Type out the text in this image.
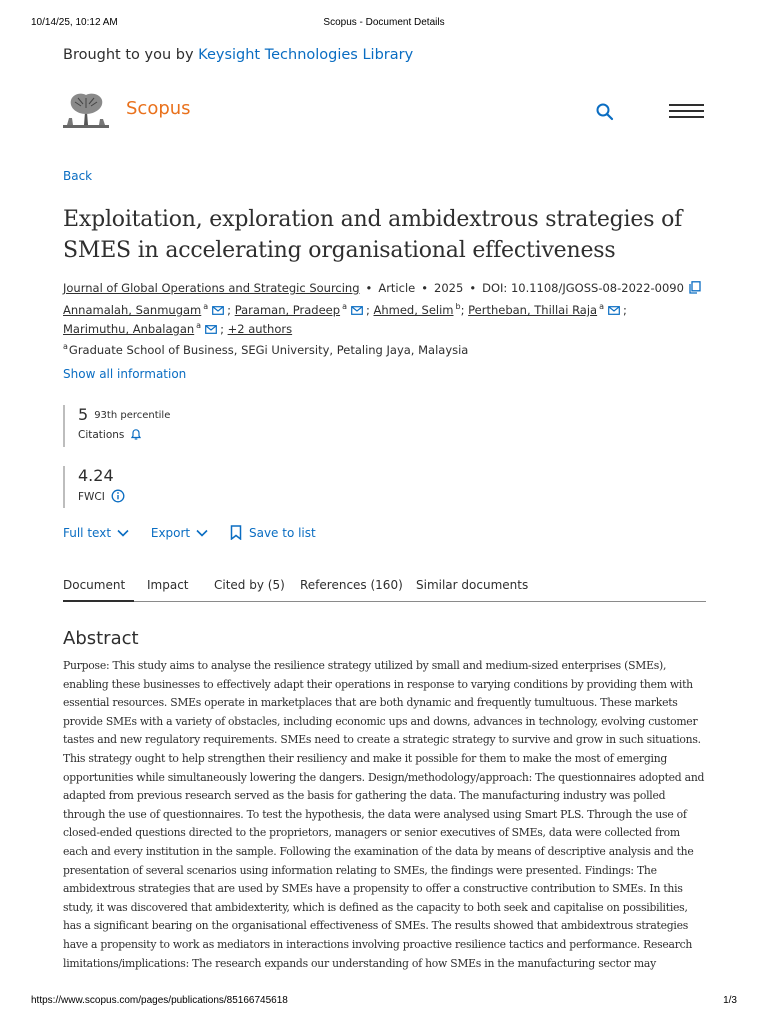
10/14/25, 10:12 AM	Scopus - Document Details
Brought to you by Keysight Technologies Library
Scopus
Back
Exploitation, exploration and ambidextrous strategies of SMES in accelerating organisational effectiveness
Journal of Global Operations and Strategic Sourcing • Article • 2025 • DOI: 10.1108/JGOSS-08-2022-0090
Annamalah, Sanmugam $^a$ ; Paraman, Pradeep $^a$ ; Ahmed, Selim $^b$; Pertheban, Thillai Raja $^a$ ;
Marimuthu, Anbalagan $^a$ ; +2 authors
$^a$Graduate School of Business, SEGi University, Petaling Jaya, Malaysia
Show all information
5 93th percentile
Citations
4.24
FWCI
Full text	Export	Save to list
Document	Impact Cited by (5) References (160) Similar documents
Abstract
Purpose: This study aims to analyse the resilience strategy utilized by small and medium-sized enterprises (SMEs), enabling these businesses to effectively adapt their operations in response to varying conditions by providing them with essential resources. SMEs operate in marketplaces that are both dynamic and frequently tumultuous. These markets provide SMEs with a variety of obstacles, including economic ups and downs, advances in technology, evolving customer tastes and new regulatory requirements. SMEs need to create a strategic strategy to survive and grow in such situations. This strategy ought to help strengthen their resiliency and make it possible for them to make the most of emerging opportunities while simultaneously lowering the dangers. Design/methodology/approach: The questionnaires adopted and adapted from previous research served as the basis for gathering the data. The manufacturing industry was polled through the use of questionnaires. To test the hypothesis, the data were analysed using Smart PLS. Through the use of closed-ended questions directed to the proprietors, managers or senior executives of SMEs, data were collected from each and every institution in the sample. Following the examination of the data by means of descriptive analysis and the presentation of several scenarios using information relating to SMEs, the findings were presented. Findings: The ambidextrous strategies that are used by SMEs have a propensity to offer a constructive contribution to SMEs. In this study, it was discovered that ambidexterity, which is defined as the capacity to both seek and capitalise on possibilities, has a significant bearing on the organisational effectiveness of SMEs. The results showed that ambidextrous strategies have a propensity to work as mediators in interactions involving proactive resilience tactics and performance. Research limitations/implications: The research expands our understanding of how SMEs in the manufacturing sector may
https://www.scopus.com/pages/publications/85166745618	1/3
